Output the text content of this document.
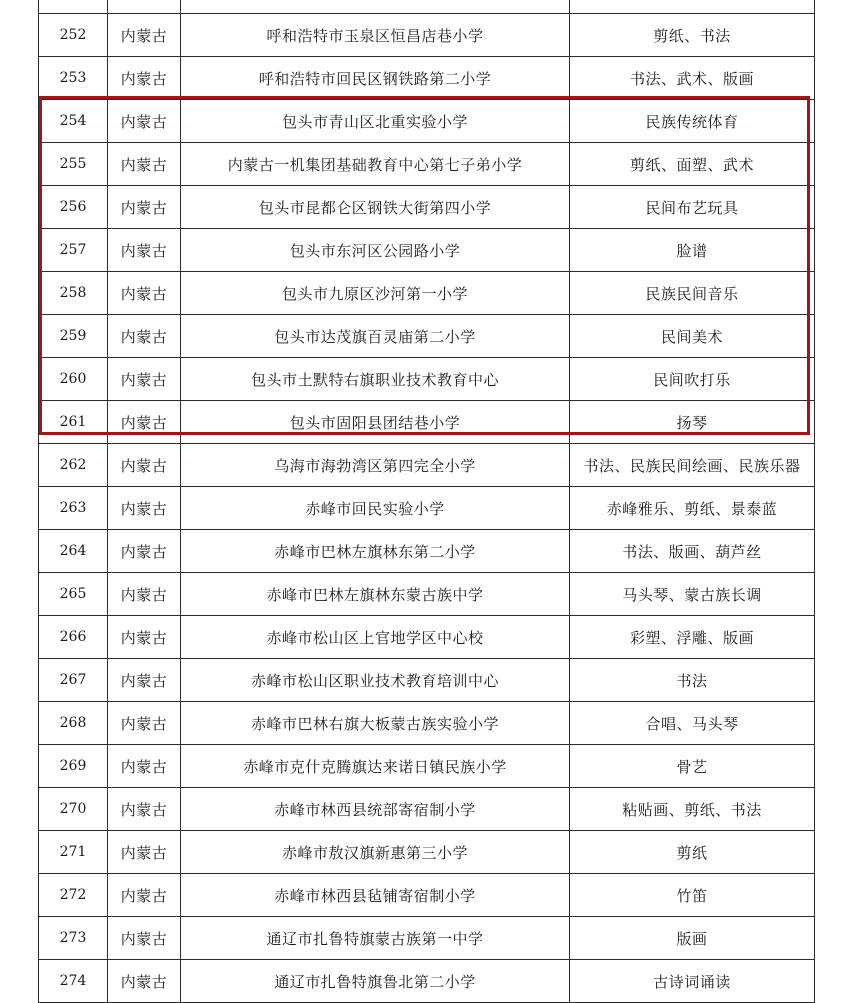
252	内蒙古	呼和浩特市玉泉区恒昌店巷小学	剪纸、书法
253	内蒙古	呼和浩特市回民区钢铁路第二小学	书法、武术、版画
254	内蒙古	包头市青山区北重实验小学	民族传统体育
255	内蒙古	内蒙古一机集团基础教育中心第七子弟小学	剪纸、面塑、武术
256	内蒙古	包头市昆都仑区钢铁大街第四小学	民间布艺玩具
257	内蒙古	包头市东河区公园路小学	脸谱
258	内蒙古	包头市九原区沙河第一小学	民族民间音乐
259	内蒙古	包头市达茂旗百灵庙第二小学	民间美术
260	内蒙古	包头市土默特右旗职业技术教育中心	民间吹打乐
261	内蒙古	包头市固阳县团结巷小学	扬琴
262	内蒙古	乌海市海勃湾区第四完全小学	书法、民族民间绘画、民族乐器
263	内蒙古	赤峰市回民实验小学	赤峰雅乐、剪纸、景泰蓝
264	内蒙古	赤峰市巴林左旗林东第二小学	书法、版画、葫芦丝
265	内蒙古	赤峰市巴林左旗林东蒙古族中学	马头琴、蒙古族长调
266	内蒙古	赤峰市松山区上官地学区中心校	彩塑、浮雕、版画
267	内蒙古	赤峰市松山区职业技术教育培训中心	书法
268	内蒙古	赤峰市巴林右旗大板蒙古族实验小学	合唱、马头琴
269	内蒙古	赤峰市克什克腾旗达来诺日镇民族小学	骨艺
270	内蒙古	赤峰市林西县统部寄宿制小学	粘贴画、剪纸、书法
271	内蒙古	赤峰市敖汉旗新惠第三小学	剪纸
272	内蒙古	赤峰市林西县毡铺寄宿制小学	竹笛
273	内蒙古	通辽市扎鲁特旗蒙古族第一中学	版画
274	内蒙古	通辽市扎鲁特旗鲁北第二小学	古诗词诵读
